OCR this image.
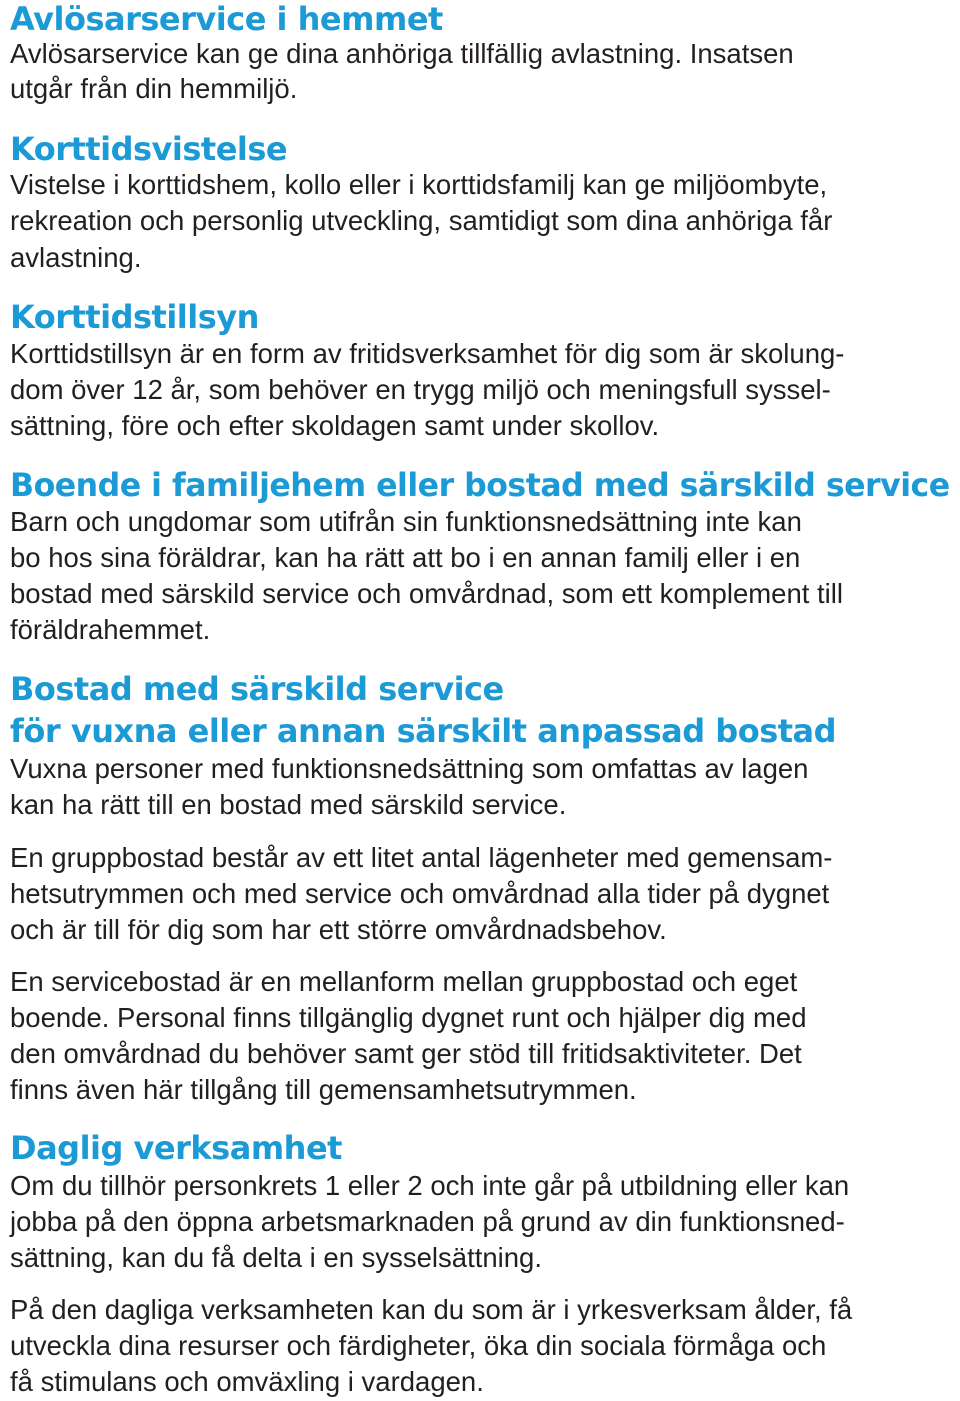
Avlösarservice i hemmet
Avlösarservice kan ge dina anhöriga tillfällig avlastning. Insatsen
utgår från din hemmiljö.
Korttidsvistelse
Vistelse i korttidshem, kollo eller i korttidsfamilj kan ge miljöombyte,
rekreation och personlig utveckling, samtidigt som dina anhöriga får
avlastning.
Korttidstillsyn
Korttidstillsyn är en form av fritidsverksamhet för dig som är skolung-
dom över 12 år, som behöver en trygg miljö och meningsfull syssel-
sättning, före och efter skoldagen samt under skollov.
Boende i familjehem eller bostad med särskild service
Barn och ungdomar som utifrån sin funktionsnedsättning inte kan
bo hos sina föräldrar, kan ha rätt att bo i en annan familj eller i en
bostad med särskild service och omvårdnad, som ett komplement till
föräldrahemmet.
Bostad med särskild service
för vuxna eller annan särskilt anpassad bostad
Vuxna personer med funktionsnedsättning som omfattas av lagen
kan ha rätt till en bostad med särskild service.
En gruppbostad består av ett litet antal lägenheter med gemensam-
hetsutrymmen och med service och omvårdnad alla tider på dygnet
och är till för dig som har ett större omvårdnadsbehov.
En servicebostad är en mellanform mellan gruppbostad och eget
boende. Personal finns tillgänglig dygnet runt och hjälper dig med
den omvårdnad du behöver samt ger stöd till fritidsaktiviteter. Det
finns även här tillgång till gemensamhetsutrymmen.
Daglig verksamhet
Om du tillhör personkrets 1 eller 2 och inte går på utbildning eller kan
jobba på den öppna arbetsmarknaden på grund av din funktionsned-
sättning, kan du få delta i en sysselsättning.
På den dagliga verksamheten kan du som är i yrkesverksam ålder, få
utveckla dina resurser och färdigheter, öka din sociala förmåga och
få stimulans och omväxling i vardagen.
